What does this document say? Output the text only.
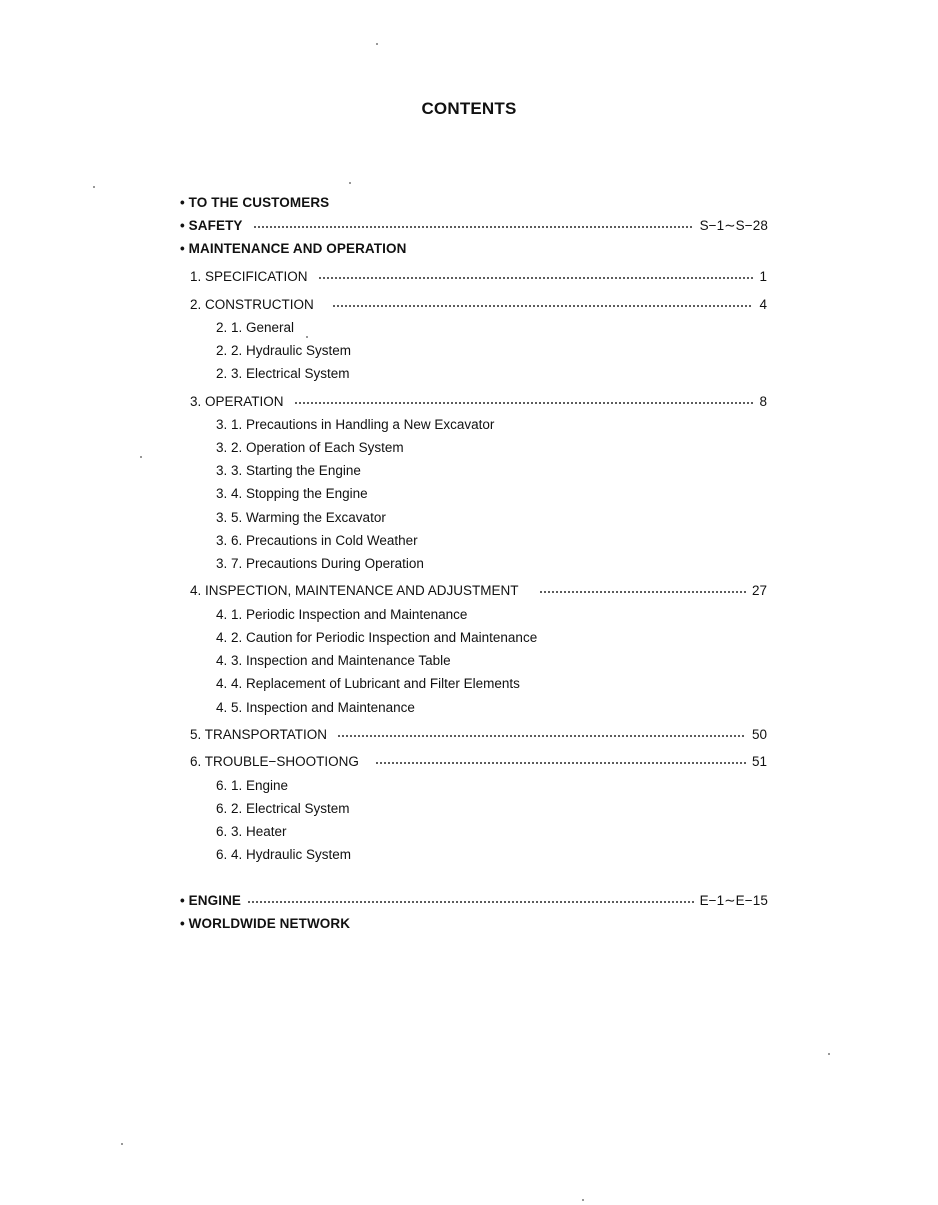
CONTENTS
• TO THE CUSTOMERS
• SAFETY	S−1∼S−28
• MAINTENANCE AND OPERATION
1. SPECIFICATION	1
2. CONSTRUCTION	4
2. 1. General
2. 2. Hydraulic System
2. 3. Electrical System
3. OPERATION	8
3. 1. Precautions in Handling a New Excavator
3. 2. Operation of Each System
3. 3. Starting the Engine
3. 4. Stopping the Engine
3. 5. Warming the Excavator
3. 6. Precautions in Cold Weather
3. 7. Precautions During Operation
4. INSPECTION, MAINTENANCE AND ADJUSTMENT	27
4. 1. Periodic Inspection and Maintenance
4. 2. Caution for Periodic Inspection and Maintenance
4. 3. Inspection and Maintenance Table
4. 4. Replacement of Lubricant and Filter Elements
4. 5. Inspection and Maintenance
5. TRANSPORTATION	50
6. TROUBLE−SHOOTIONG	51
6. 1. Engine
6. 2. Electrical System
6. 3. Heater
6. 4. Hydraulic System
• ENGINE	E−1∼E−15
• WORLDWIDE NETWORK
